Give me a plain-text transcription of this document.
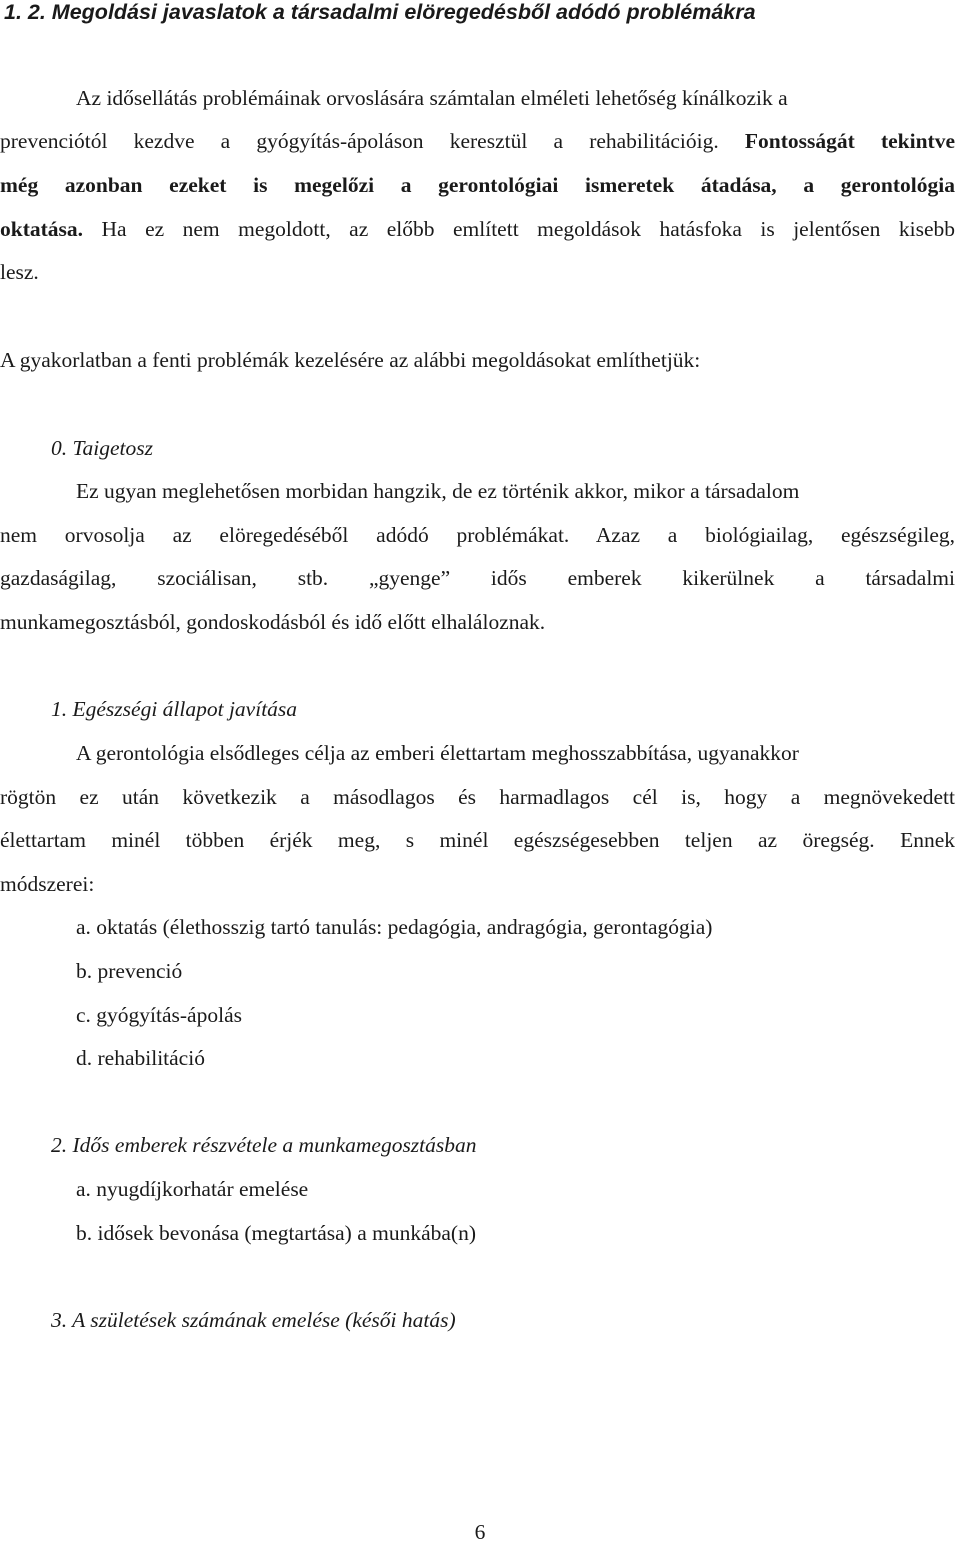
1. 2. Megoldási javaslatok a társadalmi elöregedésből adódó problémákra
Az idősellátás problémáinak orvoslására számtalan elméleti lehetőség kínálkozik a
prevenciótól kezdve a gyógyítás-ápoláson keresztül a rehabilitációig. Fontosságát tekintve
még azonban ezeket is megelőzi a gerontológiai ismeretek átadása, a gerontológia
oktatása. Ha ez nem megoldott, az előbb említett megoldások hatásfoka is jelentősen kisebb
lesz.
A gyakorlatban a fenti problémák kezelésére az alábbi megoldásokat említhetjük:
0. Taigetosz
Ez ugyan meglehetősen morbidan hangzik, de ez történik akkor, mikor a társadalom
nem orvosolja az elöregedéséből adódó problémákat. Azaz a biológiailag, egészségileg,
gazdaságilag, szociálisan, stb. „gyenge” idős emberek kikerülnek a társadalmi
munkamegosztásból, gondoskodásból és idő előtt elhaláloznak.
1. Egészségi állapot javítása
A gerontológia elsődleges célja az emberi élettartam meghosszabbítása, ugyanakkor
rögtön ez után következik a másodlagos és harmadlagos cél is, hogy a megnövekedett
élettartam minél többen érjék meg, s minél egészségesebben teljen az öregség. Ennek
módszerei:
a. oktatás (élethosszig tartó tanulás: pedagógia, andragógia, gerontagógia)
b. prevenció
c. gyógyítás-ápolás
d. rehabilitáció
2. Idős emberek részvétele a munkamegosztásban
a. nyugdíjkorhatár emelése
b. idősek bevonása (megtartása) a munkába(n)
3. A születések számának emelése (késői hatás)
6
